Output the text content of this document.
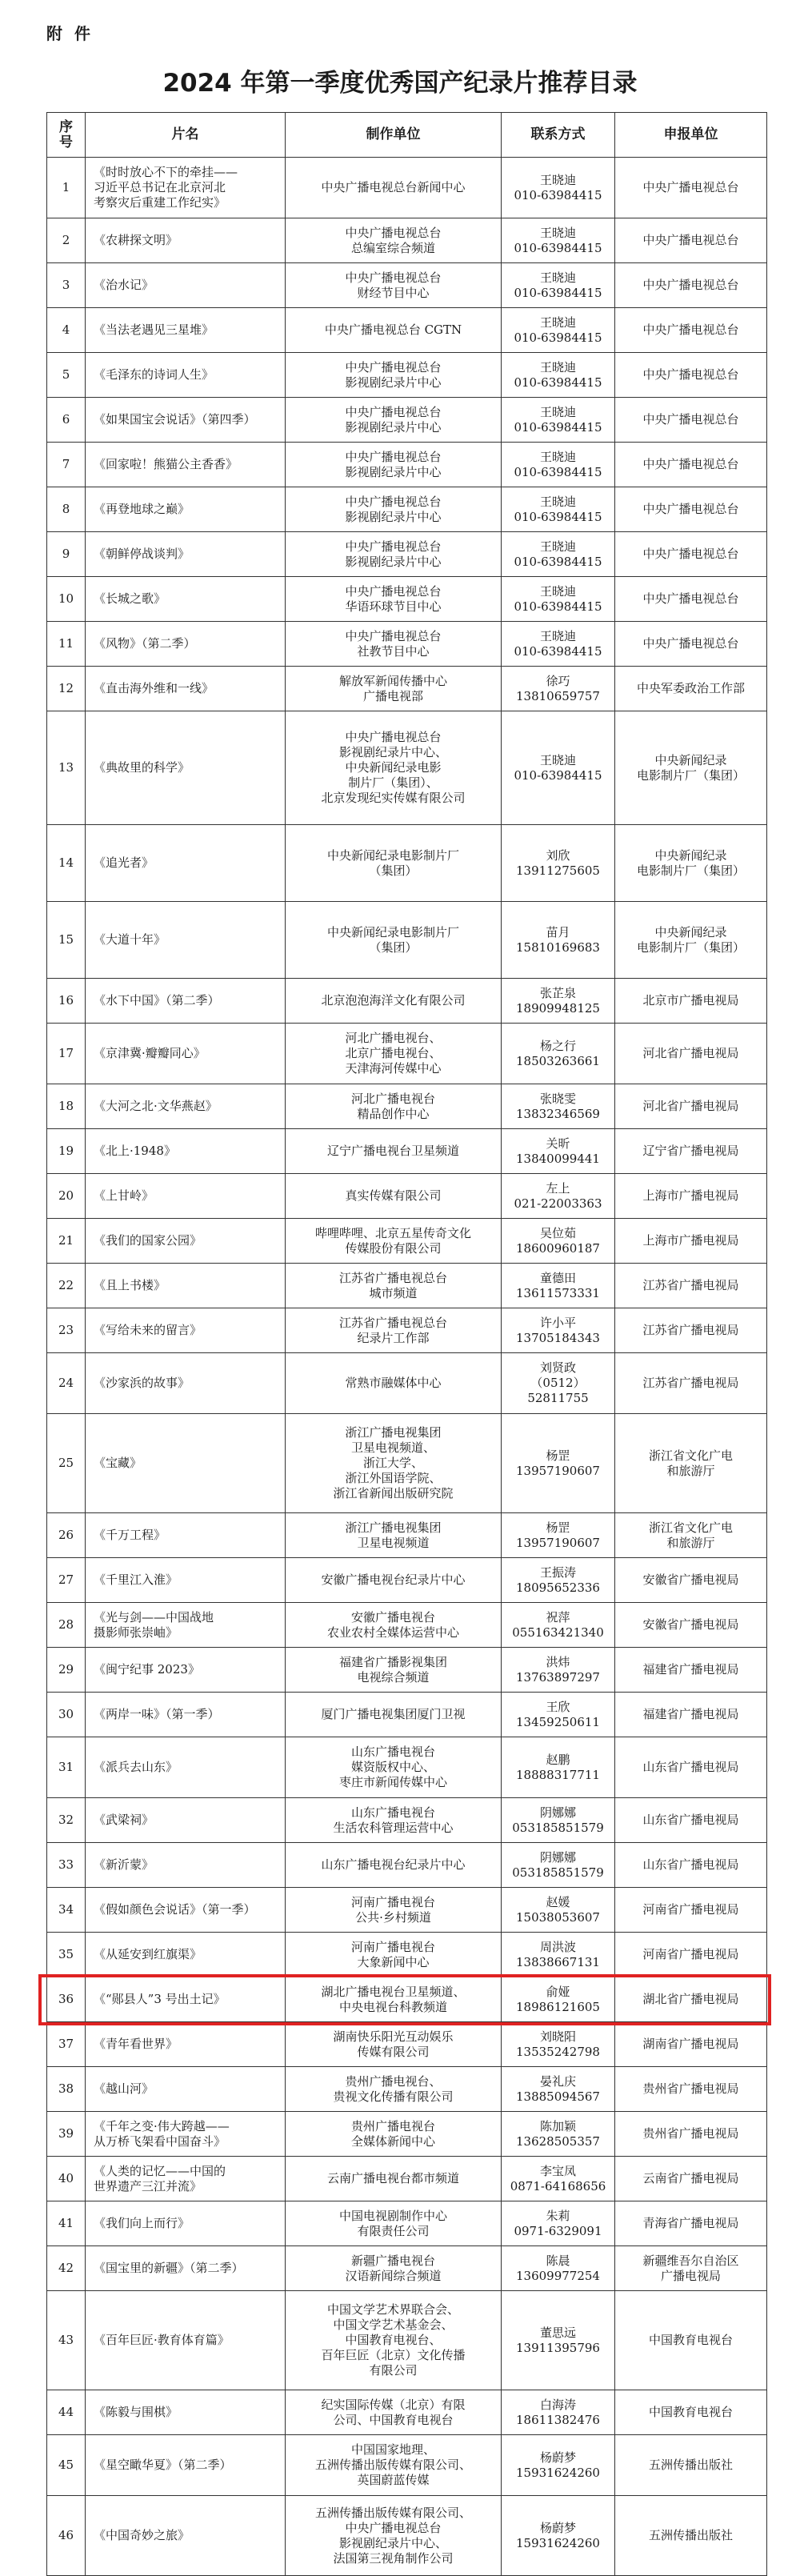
附 件
2024 年第一季度优秀国产纪录片推荐目录
序
号	片名	制作单位	联系方式	申报单位
1	《时时放心不下的牵挂——
习近平总书记在北京河北
考察灾后重建工作纪实》	中央广播电视总台新闻中心	王晓迪
010-63984415	中央广播电视总台
2	《农耕探文明》	中央广播电视总台
总编室综合频道	王晓迪
010-63984415	中央广播电视总台
3	《治水记》	中央广播电视总台
财经节目中心	王晓迪
010-63984415	中央广播电视总台
4	《当法老遇见三星堆》	中央广播电视总台 CGTN	王晓迪
010-63984415	中央广播电视总台
5	《毛泽东的诗词人生》	中央广播电视总台
影视剧纪录片中心	王晓迪
010-63984415	中央广播电视总台
6	《如果国宝会说话》（第四季）	中央广播电视总台
影视剧纪录片中心	王晓迪
010-63984415	中央广播电视总台
7	《回家啦！熊猫公主香香》	中央广播电视总台
影视剧纪录片中心	王晓迪
010-63984415	中央广播电视总台
8	《再登地球之巅》	中央广播电视总台
影视剧纪录片中心	王晓迪
010-63984415	中央广播电视总台
9	《朝鲜停战谈判》	中央广播电视总台
影视剧纪录片中心	王晓迪
010-63984415	中央广播电视总台
10	《长城之歌》	中央广播电视总台
华语环球节目中心	王晓迪
010-63984415	中央广播电视总台
11	《风物》（第二季）	中央广播电视总台
社教节目中心	王晓迪
010-63984415	中央广播电视总台
12	《直击海外维和一线》	解放军新闻传播中心
广播电视部	徐巧
13810659757	中央军委政治工作部
13	《典故里的科学》	中央广播电视总台
影视剧纪录片中心、
中央新闻纪录电影
制片厂（集团）、
北京发现纪实传媒有限公司	王晓迪
010-63984415	中央新闻纪录
电影制片厂（集团）
14	《追光者》	中央新闻纪录电影制片厂
（集团）	刘欣
13911275605	中央新闻纪录
电影制片厂（集团）
15	《大道十年》	中央新闻纪录电影制片厂
（集团）	苗月
15810169683	中央新闻纪录
电影制片厂（集团）
16	《水下中国》（第二季）	北京泡泡海洋文化有限公司	张芷泉
18909948125	北京市广播电视局
17	《京津冀·瓣瓣同心》	河北广播电视台、
北京广播电视台、
天津海河传媒中心	杨之行
18503263661	河北省广播电视局
18	《大河之北·文华燕赵》	河北广播电视台
精品创作中心	张晓雯
13832346569	河北省广播电视局
19	《北上·1948》	辽宁广播电视台卫星频道	关昕
13840099441	辽宁省广播电视局
20	《上甘岭》	真实传媒有限公司	左上
021-22003363	上海市广播电视局
21	《我们的国家公园》	哔哩哔哩、北京五星传奇文化
传媒股份有限公司	吴位茹
18600960187	上海市广播电视局
22	《且上书楼》	江苏省广播电视总台
城市频道	童德田
13611573331	江苏省广播电视局
23	《写给未来的留言》	江苏省广播电视总台
纪录片工作部	许小平
13705184343	江苏省广播电视局
24	《沙家浜的故事》	常熟市融媒体中心	刘贤政
（0512）
52811755	江苏省广播电视局
25	《宝藏》	浙江广播电视集团
卫星电视频道、
浙江大学、
浙江外国语学院、
浙江省新闻出版研究院	杨罡
13957190607	浙江省文化广电
和旅游厅
26	《千万工程》	浙江广播电视集团
卫星电视频道	杨罡
13957190607	浙江省文化广电
和旅游厅
27	《千里江入淮》	安徽广播电视台纪录片中心	王振涛
18095652336	安徽省广播电视局
28	《光与剑——中国战地
摄影师张崇岫》	安徽广播电视台
农业农村全媒体运营中心	祝萍
055163421340	安徽省广播电视局
29	《闽宁纪事 2023》	福建省广播影视集团
电视综合频道	洪炜
13763897297	福建省广播电视局
30	《两岸一味》（第一季）	厦门广播电视集团厦门卫视	王欣
13459250611	福建省广播电视局
31	《派兵去山东》	山东广播电视台
媒资版权中心、
枣庄市新闻传媒中心	赵鹏
18888317711	山东省广播电视局
32	《武梁祠》	山东广播电视台
生活农科管理运营中心	阴娜娜
053185851579	山东省广播电视局
33	《新沂蒙》	山东广播电视台纪录片中心	阴娜娜
053185851579	山东省广播电视局
34	《假如颜色会说话》（第一季）	河南广播电视台
公共·乡村频道	赵媛
15038053607	河南省广播电视局
35	《从延安到红旗渠》	河南广播电视台
大象新闻中心	周洪波
13838667131	河南省广播电视局
36	《“郧县人”3 号出土记》	湖北广播电视台卫星频道、
中央电视台科教频道	俞娅
18986121605	湖北省广播电视局
37	《青年看世界》	湖南快乐阳光互动娱乐
传媒有限公司	刘晓阳
13535242798	湖南省广播电视局
38	《越山河》	贵州广播电视台、
贵视文化传播有限公司	晏礼庆
13885094567	贵州省广播电视局
39	《千年之变·伟大跨越——
从万桥飞架看中国奋斗》	贵州广播电视台
全媒体新闻中心	陈加颖
13628505357	贵州省广播电视局
40	《人类的记忆——中国的
世界遗产三江并流》	云南广播电视台都市频道	李宝凤
0871-64168656	云南省广播电视局
41	《我们向上而行》	中国电视剧制作中心
有限责任公司	朱莉
0971-6329091	青海省广播电视局
42	《国宝里的新疆》（第二季）	新疆广播电视台
汉语新闻综合频道	陈晨
13609977254	新疆维吾尔自治区
广播电视局
43	《百年巨匠·教育体育篇》	中国文学艺术界联合会、
中国文学艺术基金会、
中国教育电视台、
百年巨匠（北京）文化传播
有限公司	董思远
13911395796	中国教育电视台
44	《陈毅与围棋》	纪实国际传媒（北京）有限
公司、中国教育电视台	白海涛
18611382476	中国教育电视台
45	《星空瞰华夏》（第二季）	中国国家地理、
五洲传播出版传媒有限公司、
英国蔚蓝传媒	杨蔚梦
15931624260	五洲传播出版社
46	《中国奇妙之旅》	五洲传播出版传媒有限公司、
中央广播电视总台
影视剧纪录片中心、
法国第三视角制作公司	杨蔚梦
15931624260	五洲传播出版社
